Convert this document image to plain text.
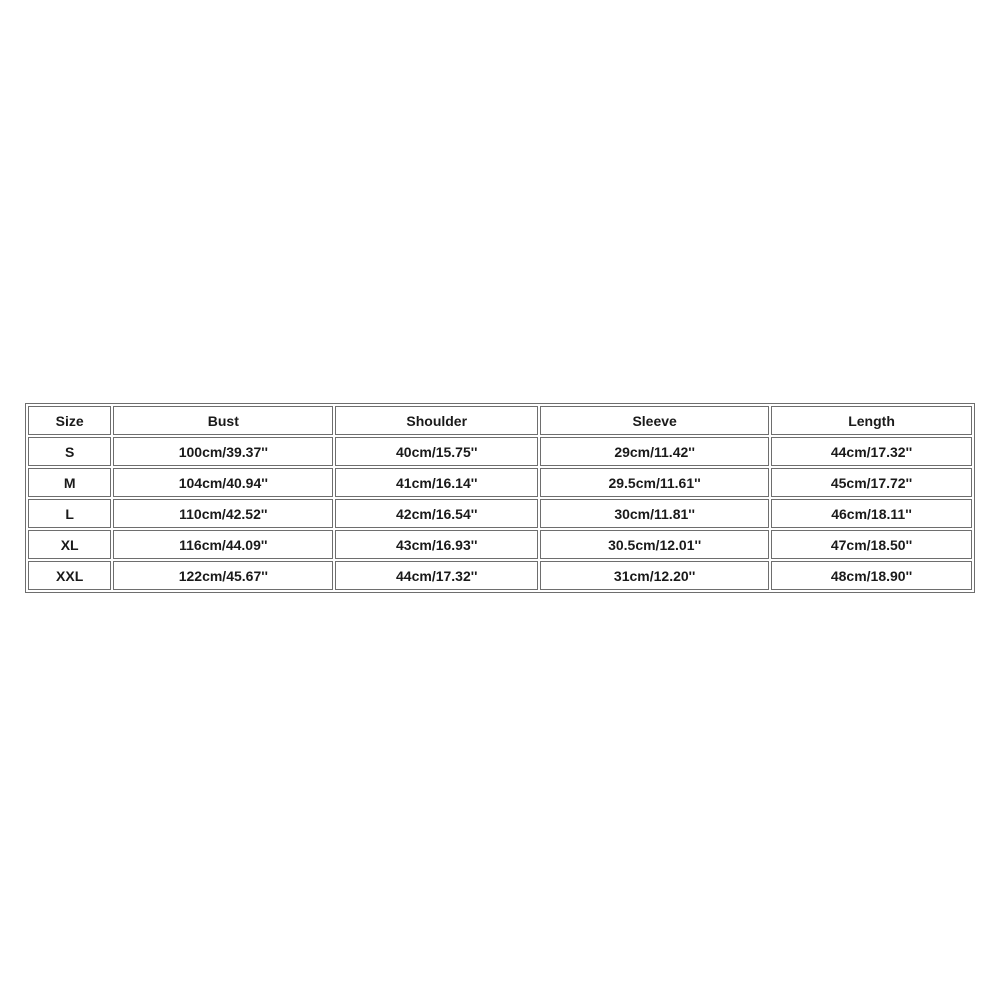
Size	Bust	Shoulder	Sleeve	Length
S	100cm/39.37''	40cm/15.75''	29cm/11.42''	44cm/17.32''
M	104cm/40.94''	41cm/16.14''	29.5cm/11.61''	45cm/17.72''
L	110cm/42.52''	42cm/16.54''	30cm/11.81''	46cm/18.11''
XL	116cm/44.09''	43cm/16.93''	30.5cm/12.01''	47cm/18.50''
XXL	122cm/45.67''	44cm/17.32''	31cm/12.20''	48cm/18.90''
